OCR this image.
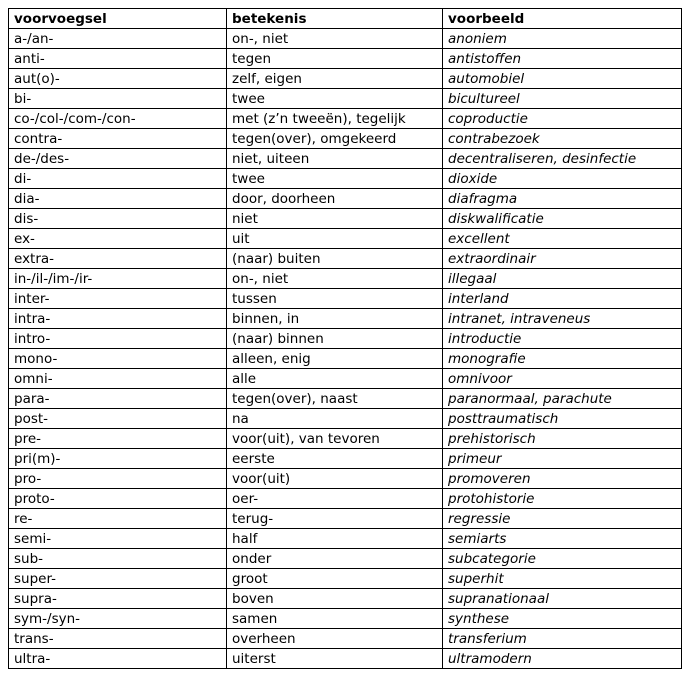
voorvoegsel	betekenis	voorbeeld
a-/an-	on-, niet	anoniem
anti-	tegen	antistoffen
aut(o)-	zelf, eigen	automobiel
bi-	twee	bicultureel
co-/col-/com-/con-	met (z’n tweeën), tegelijk	coproductie
contra-	tegen(over), omgekeerd	contrabezoek
de-/des-	niet, uiteen	decentraliseren, desinfectie
di-	twee	dioxide
dia-	door, doorheen	diafragma
dis-	niet	diskwalificatie
ex-	uit	excellent
extra-	(naar) buiten	extraordinair
in-/il-/im-/ir-	on-, niet	illegaal
inter-	tussen	interland
intra-	binnen, in	intranet, intraveneus
intro-	(naar) binnen	introductie
mono-	alleen, enig	monografie
omni-	alle	omnivoor
para-	tegen(over), naast	paranormaal, parachute
post-	na	posttraumatisch
pre-	voor(uit), van tevoren	prehistorisch
pri(m)-	eerste	primeur
pro-	voor(uit)	promoveren
proto-	oer-	protohistorie
re-	terug-	regressie
semi-	half	semiarts
sub-	onder	subcategorie
super-	groot	superhit
supra-	boven	supranationaal
sym-/syn-	samen	synthese
trans-	overheen	transferium
ultra-	uiterst	ultramodern
